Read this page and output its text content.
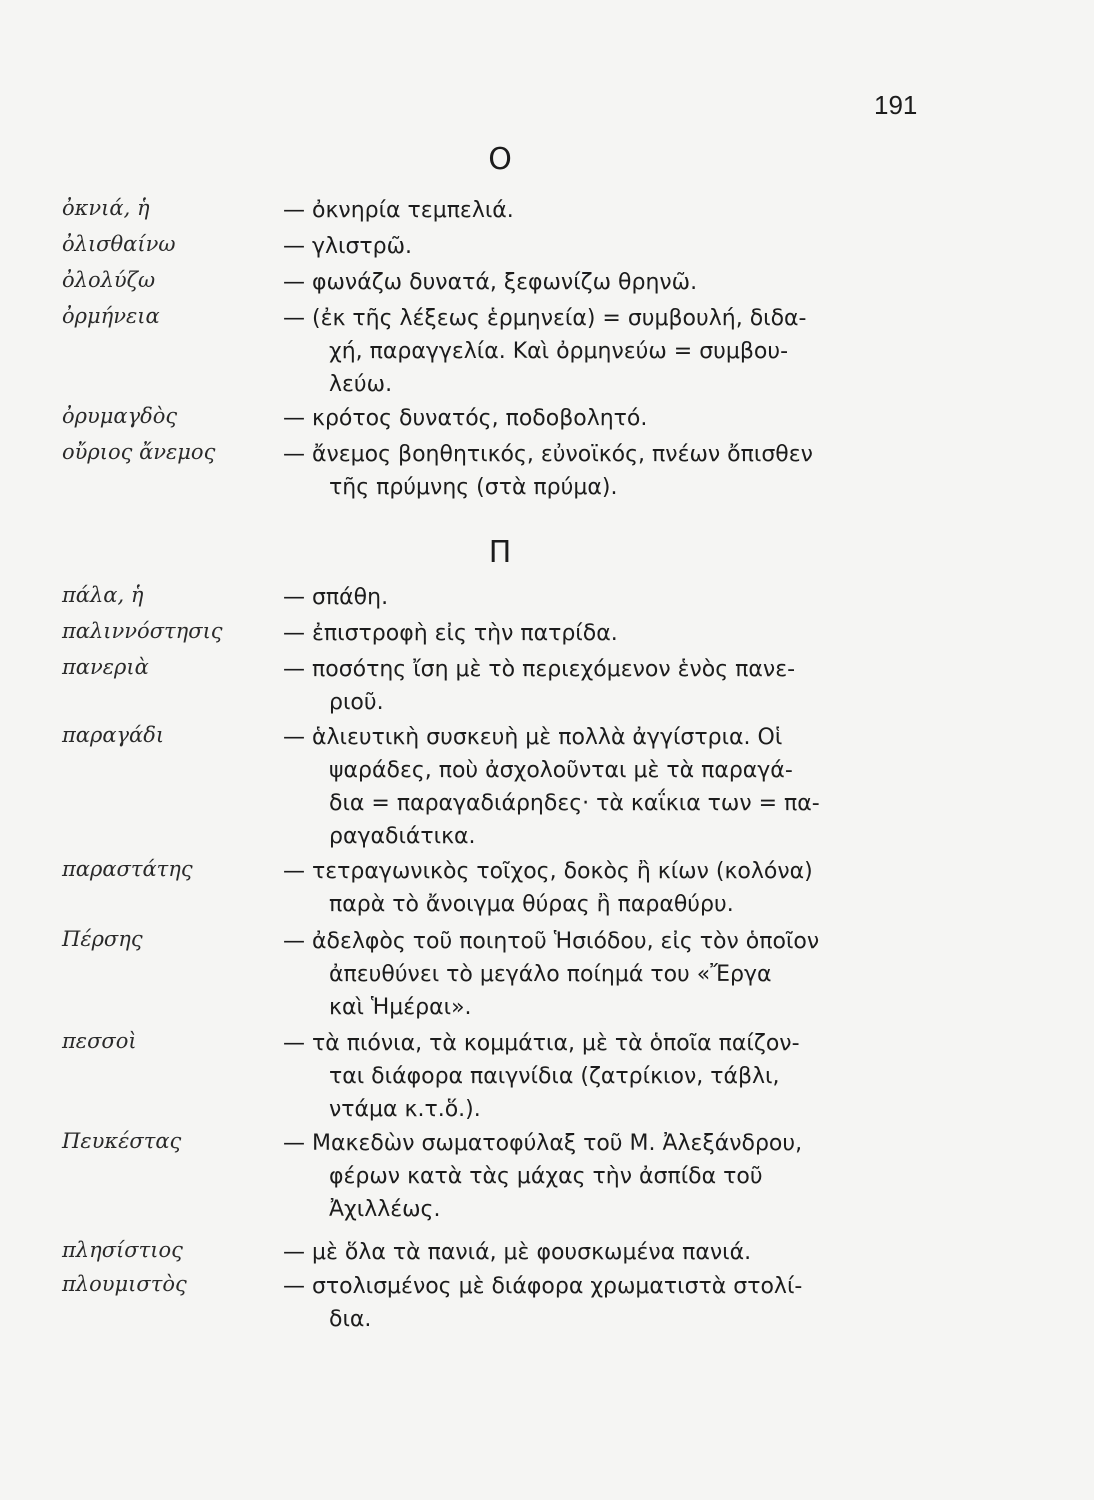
191
Ο
Π
ὀκνιά, ἡ	— ὀκνηρία τεμπελιά.
ὀλισθαίνω	— γλιστρῶ.
ὀλολύζω	— φωνάζω δυνατά, ξεφωνίζω θρηνῶ.
ὀρμήνεια	— (ἐκ τῆς λέξεως ἑρμηνεία) = συμβουλή, διδα-
χή, παραγγελία. Καὶ ὀρμηνεύω = συμβου-
λεύω.
ὀρυμαγδὸς	— κρότος δυνατός, ποδοβολητό.
οὔριος ἄνεμος	— ἄνεμος βοηθητικός, εὐνοϊκός, πνέων ὄπισθεν
τῆς πρύμνης (στὰ πρύμα).
πάλα, ἡ	— σπάθη.
παλιννόστησις	— ἐπιστροφὴ εἰς τὴν πατρίδα.
πανεριὰ	— ποσότης ἴση μὲ τὸ περιεχόμενον ἑνὸς πανε-
ριοῦ.
παραγάδι	— ἁλιευτικὴ συσκευὴ μὲ πολλὰ ἀγγίστρια. Οἱ
ψαράδες, ποὺ ἀσχολοῦνται μὲ τὰ παραγά-
δια = παραγαδιάρηδες· τὰ καΐκια των = πα-
ραγαδιάτικα.
παραστάτης	— τετραγωνικὸς τοῖχος, δοκὸς ἢ κίων (κολόνα)
παρὰ τὸ ἄνοιγμα θύρας ἢ παραθύρυ.
Πέρσης	— ἀδελφὸς τοῦ ποιητοῦ Ἡσιόδου, εἰς τὸν ὁποῖον
ἀπευθύνει τὸ μεγάλο ποίημά του «Ἔργα
καὶ Ἡμέραι».
πεσσοὶ	— τὰ πιόνια, τὰ κομμάτια, μὲ τὰ ὁποῖα παίζον-
ται διάφορα παιγνίδια (ζατρίκιον, τάβλι,
ντάμα κ.τ.ὅ.).
Πευκέστας	— Μακεδὼν σωματοφύλαξ τοῦ Μ. Ἀλεξάνδρου,
φέρων κατὰ τὰς μάχας τὴν ἀσπίδα τοῦ
Ἀχιλλέως.
πλησίστιος	— μὲ ὅλα τὰ πανιά, μὲ φουσκωμένα πανιά.
πλουμιστὸς	— στολισμένος μὲ διάφορα χρωματιστὰ στολί-
δια.
